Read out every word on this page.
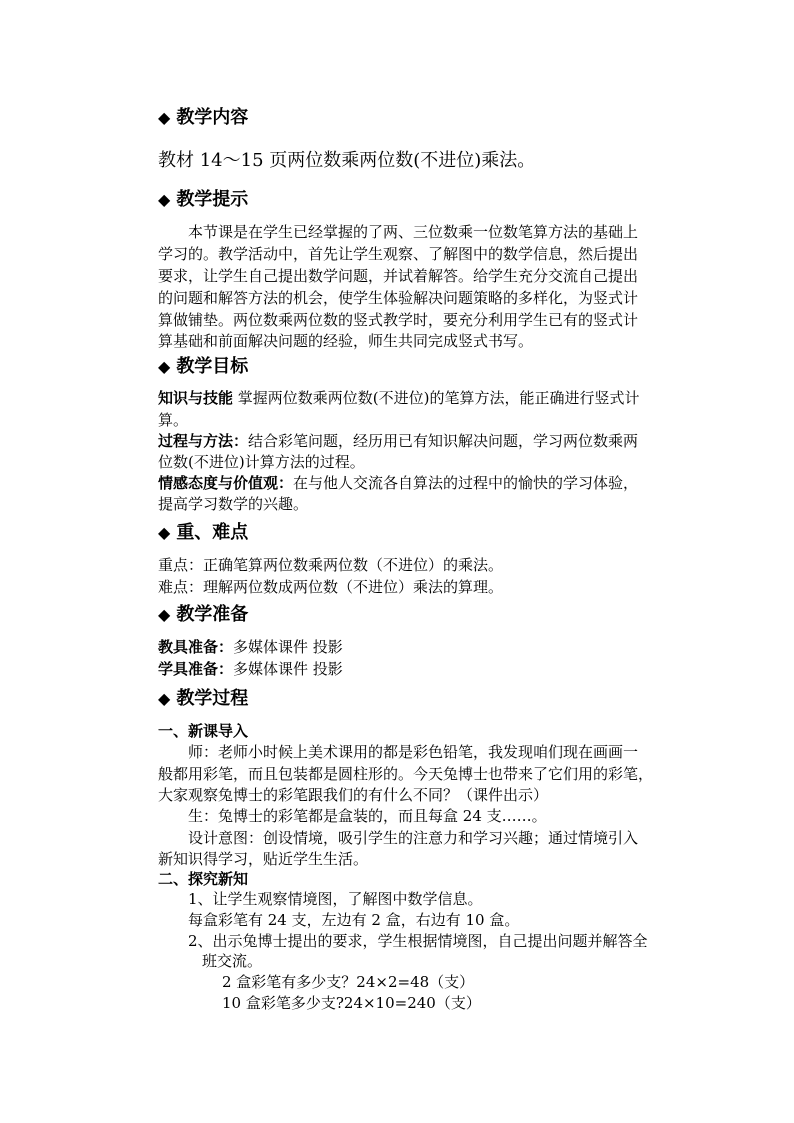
◆ 教学内容
教材 14～15 页两位数乘两位数(不进位)乘法。
◆ 教学提示
本节课是在学生已经掌握的了两、三位数乘一位数笔算方法的基础上
学习的。教学活动中，首先让学生观察、了解图中的数学信息，然后提出
要求，让学生自己提出数学问题，并试着解答。给学生充分交流自己提出
的问题和解答方法的机会，使学生体验解决问题策略的多样化，为竖式计
算做铺垫。两位数乘两位数的竖式教学时，要充分利用学生已有的竖式计
算基础和前面解决问题的经验，师生共同完成竖式书写。
◆ 教学目标
知识与技能 掌握两位数乘两位数(不进位)的笔算方法，能正确进行竖式计
算。
过程与方法：结合彩笔问题，经历用已有知识解决问题，学习两位数乘两
位数(不进位)计算方法的过程。
情感态度与价值观：在与他人交流各自算法的过程中的愉快的学习体验，
提高学习数学的兴趣。
◆ 重、难点
重点：正确笔算两位数乘两位数（不进位）的乘法。
难点：理解两位数成两位数（不进位）乘法的算理。
◆ 教学准备
教具准备：多媒体课件 投影
学具准备：多媒体课件 投影
◆ 教学过程
一、新课导入
师：老师小时候上美术课用的都是彩色铅笔，我发现咱们现在画画一
般都用彩笔，而且包装都是圆柱形的。今天兔博士也带来了它们用的彩笔，
大家观察兔博士的彩笔跟我们的有什么不同？（课件出示）
生：兔博士的彩笔都是盒装的，而且每盒 24 支……。
设计意图：创设情境，吸引学生的注意力和学习兴趣；通过情境引入
新知识得学习，贴近学生生活。
二、探究新知
1、让学生观察情境图，了解图中数学信息。
每盒彩笔有 24 支，左边有 2 盒，右边有 10 盒。
2、出示兔博士提出的要求，学生根据情境图，自己提出问题并解答全
班交流。
2 盒彩笔有多少支？24×2=48（支）
10 盒彩笔多少支?24×10=240（支）
